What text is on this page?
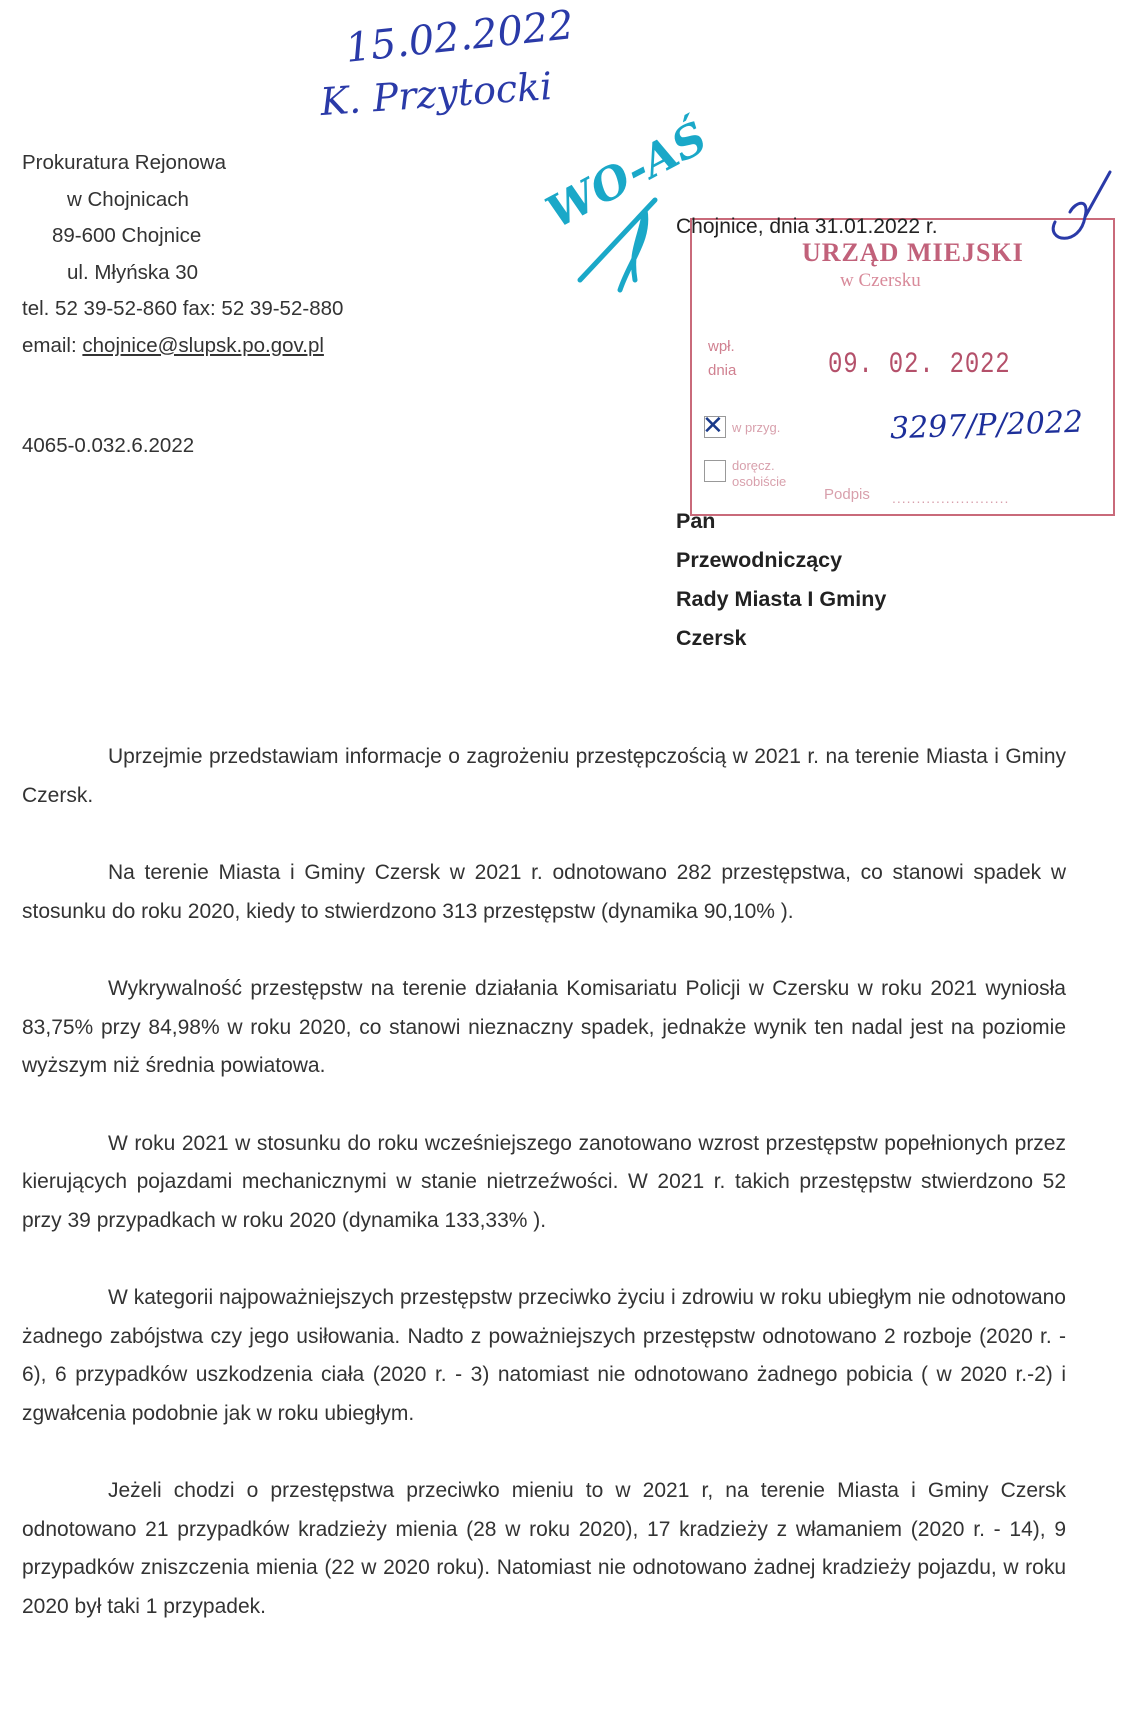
15.02.2022
K. Przytocki
WO-AŚ
Prokuratura Rejonowa
w Chojnicach
89-600 Chojnice
ul. Młyńska 30
tel. 52 39-52-860 fax: 52 39-52-880
email: chojnice@slupsk.po.gov.pl
4065-0.032.6.2022
URZĄD MIEJSKI
w Czersku
wpł.
dnia	09. 02. 2022
✕ w przyg.
doręcz.
osobiście
3297/P/2022
Podpis ........................
Chojnice, dnia 31.01.2022 r.
Pan
Przewodniczący
Rady Miasta I Gminy
Czersk

Uprzejmie przedstawiam informacje o zagrożeniu przestępczością w 2021 r. na terenie Miasta i Gminy Czersk.

Na terenie Miasta i Gminy Czersk w 2021 r. odnotowano 282 przestępstwa, co stanowi spadek w stosunku do roku 2020, kiedy to stwierdzono 313 przestępstw (dynamika 90,10% ).

Wykrywalność przestępstw na terenie działania Komisariatu Policji w Czersku w roku 2021 wyniosła 83,75% przy 84,98% w roku 2020, co stanowi nieznaczny spadek, jednakże wynik ten nadal jest na poziomie wyższym niż średnia powiatowa.

W roku 2021 w stosunku do roku wcześniejszego zanotowano wzrost przestępstw popełnionych przez kierujących pojazdami mechanicznymi w stanie nietrzeźwości. W 2021 r. takich przestępstw stwierdzono 52 przy 39 przypadkach w roku 2020 (dynamika 133,33% ).

W kategorii najpoważniejszych przestępstw przeciwko życiu i zdrowiu w roku ubiegłym nie odnotowano żadnego zabójstwa czy jego usiłowania. Nadto z poważniejszych przestępstw odnotowano 2 rozboje (2020 r. - 6), 6 przypadków uszkodzenia ciała (2020 r. - 3) natomiast nie odnotowano żadnego pobicia ( w 2020 r.-2) i zgwałcenia podobnie jak w roku ubiegłym.

Jeżeli chodzi o przestępstwa przeciwko mieniu to w 2021 r, na terenie Miasta i Gminy Czersk odnotowano 21 przypadków kradzieży mienia (28 w roku 2020), 17 kradzieży z włamaniem (2020 r. - 14), 9 przypadków zniszczenia mienia (22 w 2020 roku). Natomiast nie odnotowano żadnej kradzieży pojazdu, w roku 2020 był taki 1 przypadek.
